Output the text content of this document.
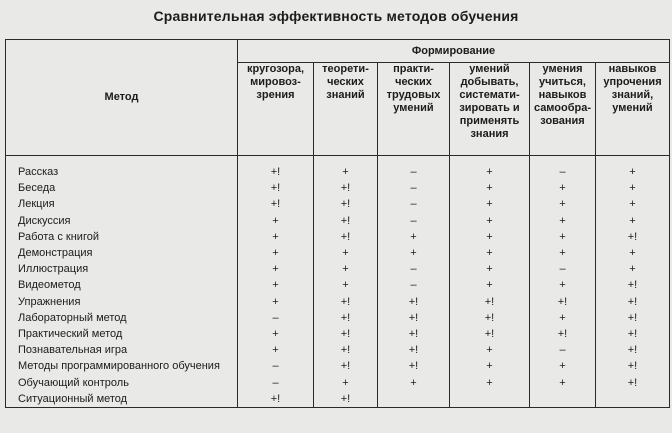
Сравнительная эффективность методов обучения
Метод	Формирование					
	кругозора, мировоз-зрения	теорети-ческих знаний	практи-ческих трудовых умений	умений добывать, системати-зировать и применять знания	умения учиться, навыков самообра-зования	навыков упрочения знаний, умений

Рассказ	+!	+	–	+	–	+
Беседа	+!	+!	–	+	+	+
Лекция	+!	+!	–	+	+	+
Дискуссия	+	+!	–	+	+	+
Работа с книгой	+	+!	+	+	+	+!
Демонстрация	+	+	+	+	+	+
Иллюстрация	+	+	–	+	–	+
Видеометод	+	+	–	+	+	+!
Упражнения	+	+!	+!	+!	+!	+!
Лабораторный метод	–	+!	+!	+!	+	+!
Практический метод	+	+!	+!	+!	+!	+!
Познавательная игра	+	+!	+!	+	–	+!
Методы программированного обучения	–	+!	+!	+	+	+!
Обучающий контроль	–	+	+	+	+	+!
Ситуационный метод	+!	+!				
